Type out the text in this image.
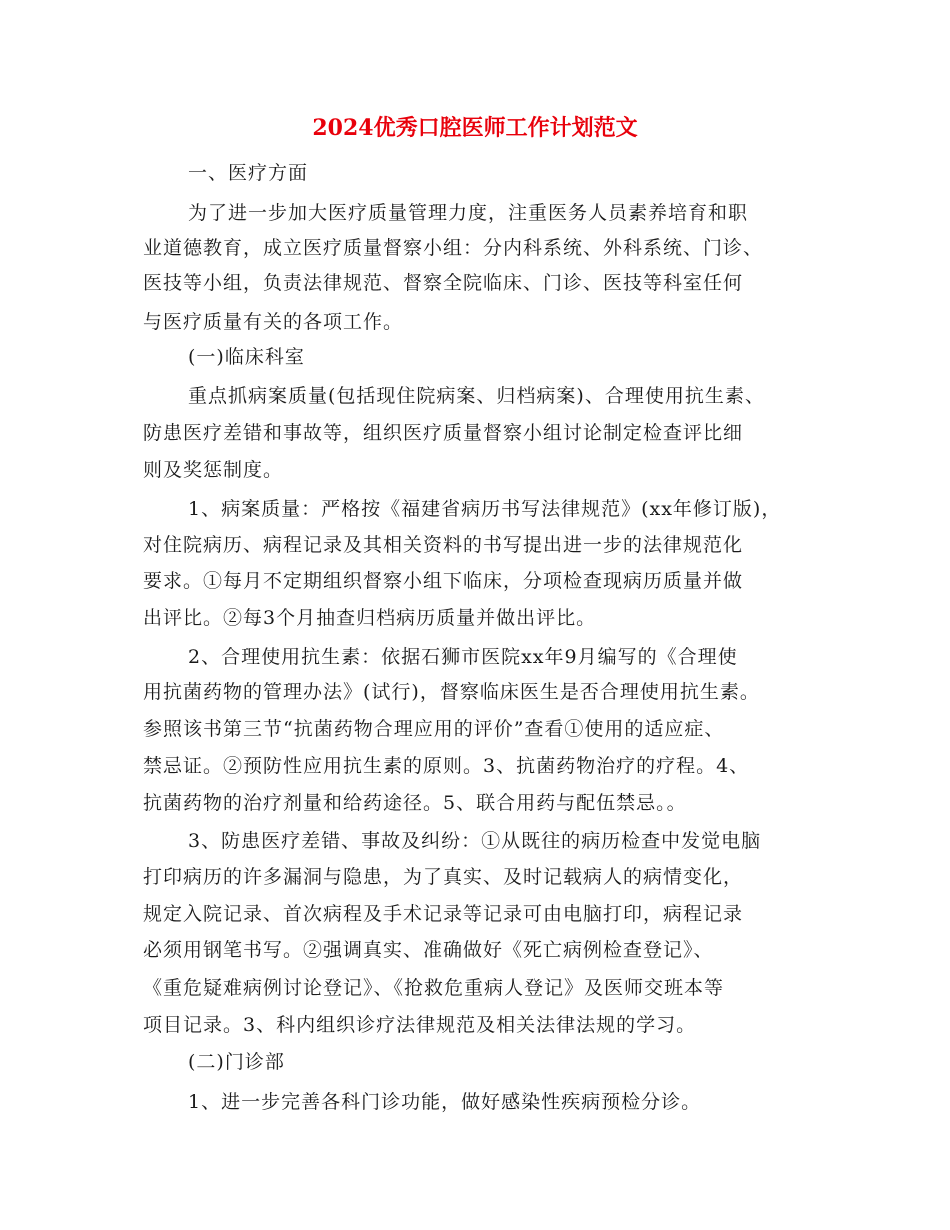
2024优秀口腔医师工作计划范文
一、医疗方面
为了进一步加大医疗质量管理力度，注重医务人员素养培育和职
业道德教育，成立医疗质量督察小组：分内科系统、外科系统、门诊、
医技等小组，负责法律规范、督察全院临床、门诊、医技等科室任何
与医疗质量有关的各项工作。
(一)临床科室
重点抓病案质量(包括现住院病案、归档病案)、合理使用抗生素、
防患医疗差错和事故等，组织医疗质量督察小组讨论制定检查评比细
则及奖惩制度。
1、病案质量：严格按《福建省病历书写法律规范》(xx年修订版)，
对住院病历、病程记录及其相关资料的书写提出进一步的法律规范化
要求。①每月不定期组织督察小组下临床，分项检查现病历质量并做
出评比。②每3个月抽查归档病历质量并做出评比。
2、合理使用抗生素：依据石狮市医院xx年9月编写的《合理使
用抗菌药物的管理办法》(试行)，督察临床医生是否合理使用抗生素。
参照该书第三节“抗菌药物合理应用的评价”查看①使用的适应症、
禁忌证。②预防性应用抗生素的原则。3、抗菌药物治疗的疗程。4、
抗菌药物的治疗剂量和给药途径。5、联合用药与配伍禁忌。。
3、防患医疗差错、事故及纠纷：①从既往的病历检查中发觉电脑
打印病历的许多漏洞与隐患，为了真实、及时记载病人的病情变化，
规定入院记录、首次病程及手术记录等记录可由电脑打印，病程记录
必须用钢笔书写。②强调真实、准确做好《死亡病例检查登记》、
《重危疑难病例讨论登记》、《抢救危重病人登记》及医师交班本等
项目记录。3、科内组织诊疗法律规范及相关法律法规的学习。
(二)门诊部
1、进一步完善各科门诊功能，做好感染性疾病预检分诊。
